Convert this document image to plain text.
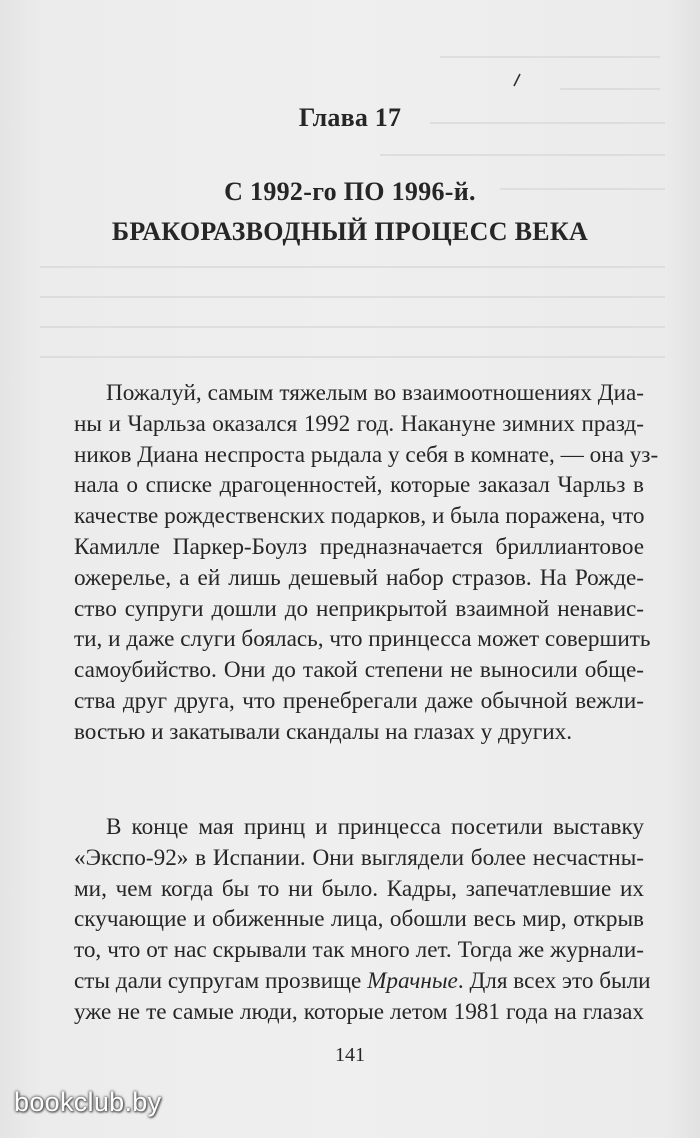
Глава 17
С 1992-го ПО 1996-й.
БРАКОРАЗВОДНЫЙ ПРОЦЕСС ВЕКА
Пожалуй, самым тяжелым во взаимоотношениях Диа-
ны и Чарльза оказался 1992 год. Накануне зимних празд-
ников Диана неспроста рыдала у себя в комнате, — она уз-
нала о списке драгоценностей, которые заказал Чарльз в
качестве рождественских подарков, и была поражена, что
Камилле Паркер-Боулз предназначается бриллиантовое
ожерелье, а ей лишь дешевый набор стразов. На Рожде-
ство супруги дошли до неприкрытой взаимной ненавис-
ти, и даже слуги боялась, что принцесса может совершить
самоубийство. Они до такой степени не выносили обще-
ства друг друга, что пренебрегали даже обычной вежли-
востью и закатывали скандалы на глазах у других.
В конце мая принц и принцесса посетили выставку
«Экспо-92» в Испании. Они выглядели более несчастны-
ми, чем когда бы то ни было. Кадры, запечатлевшие их
скучающие и обиженные лица, обошли весь мир, открыв
то, что от нас скрывали так много лет. Тогда же журнали-
сты дали супругам прозвище Мрачные. Для всех это были
уже не те самые люди, которые летом 1981 года на глазах
141
bookclub.by
